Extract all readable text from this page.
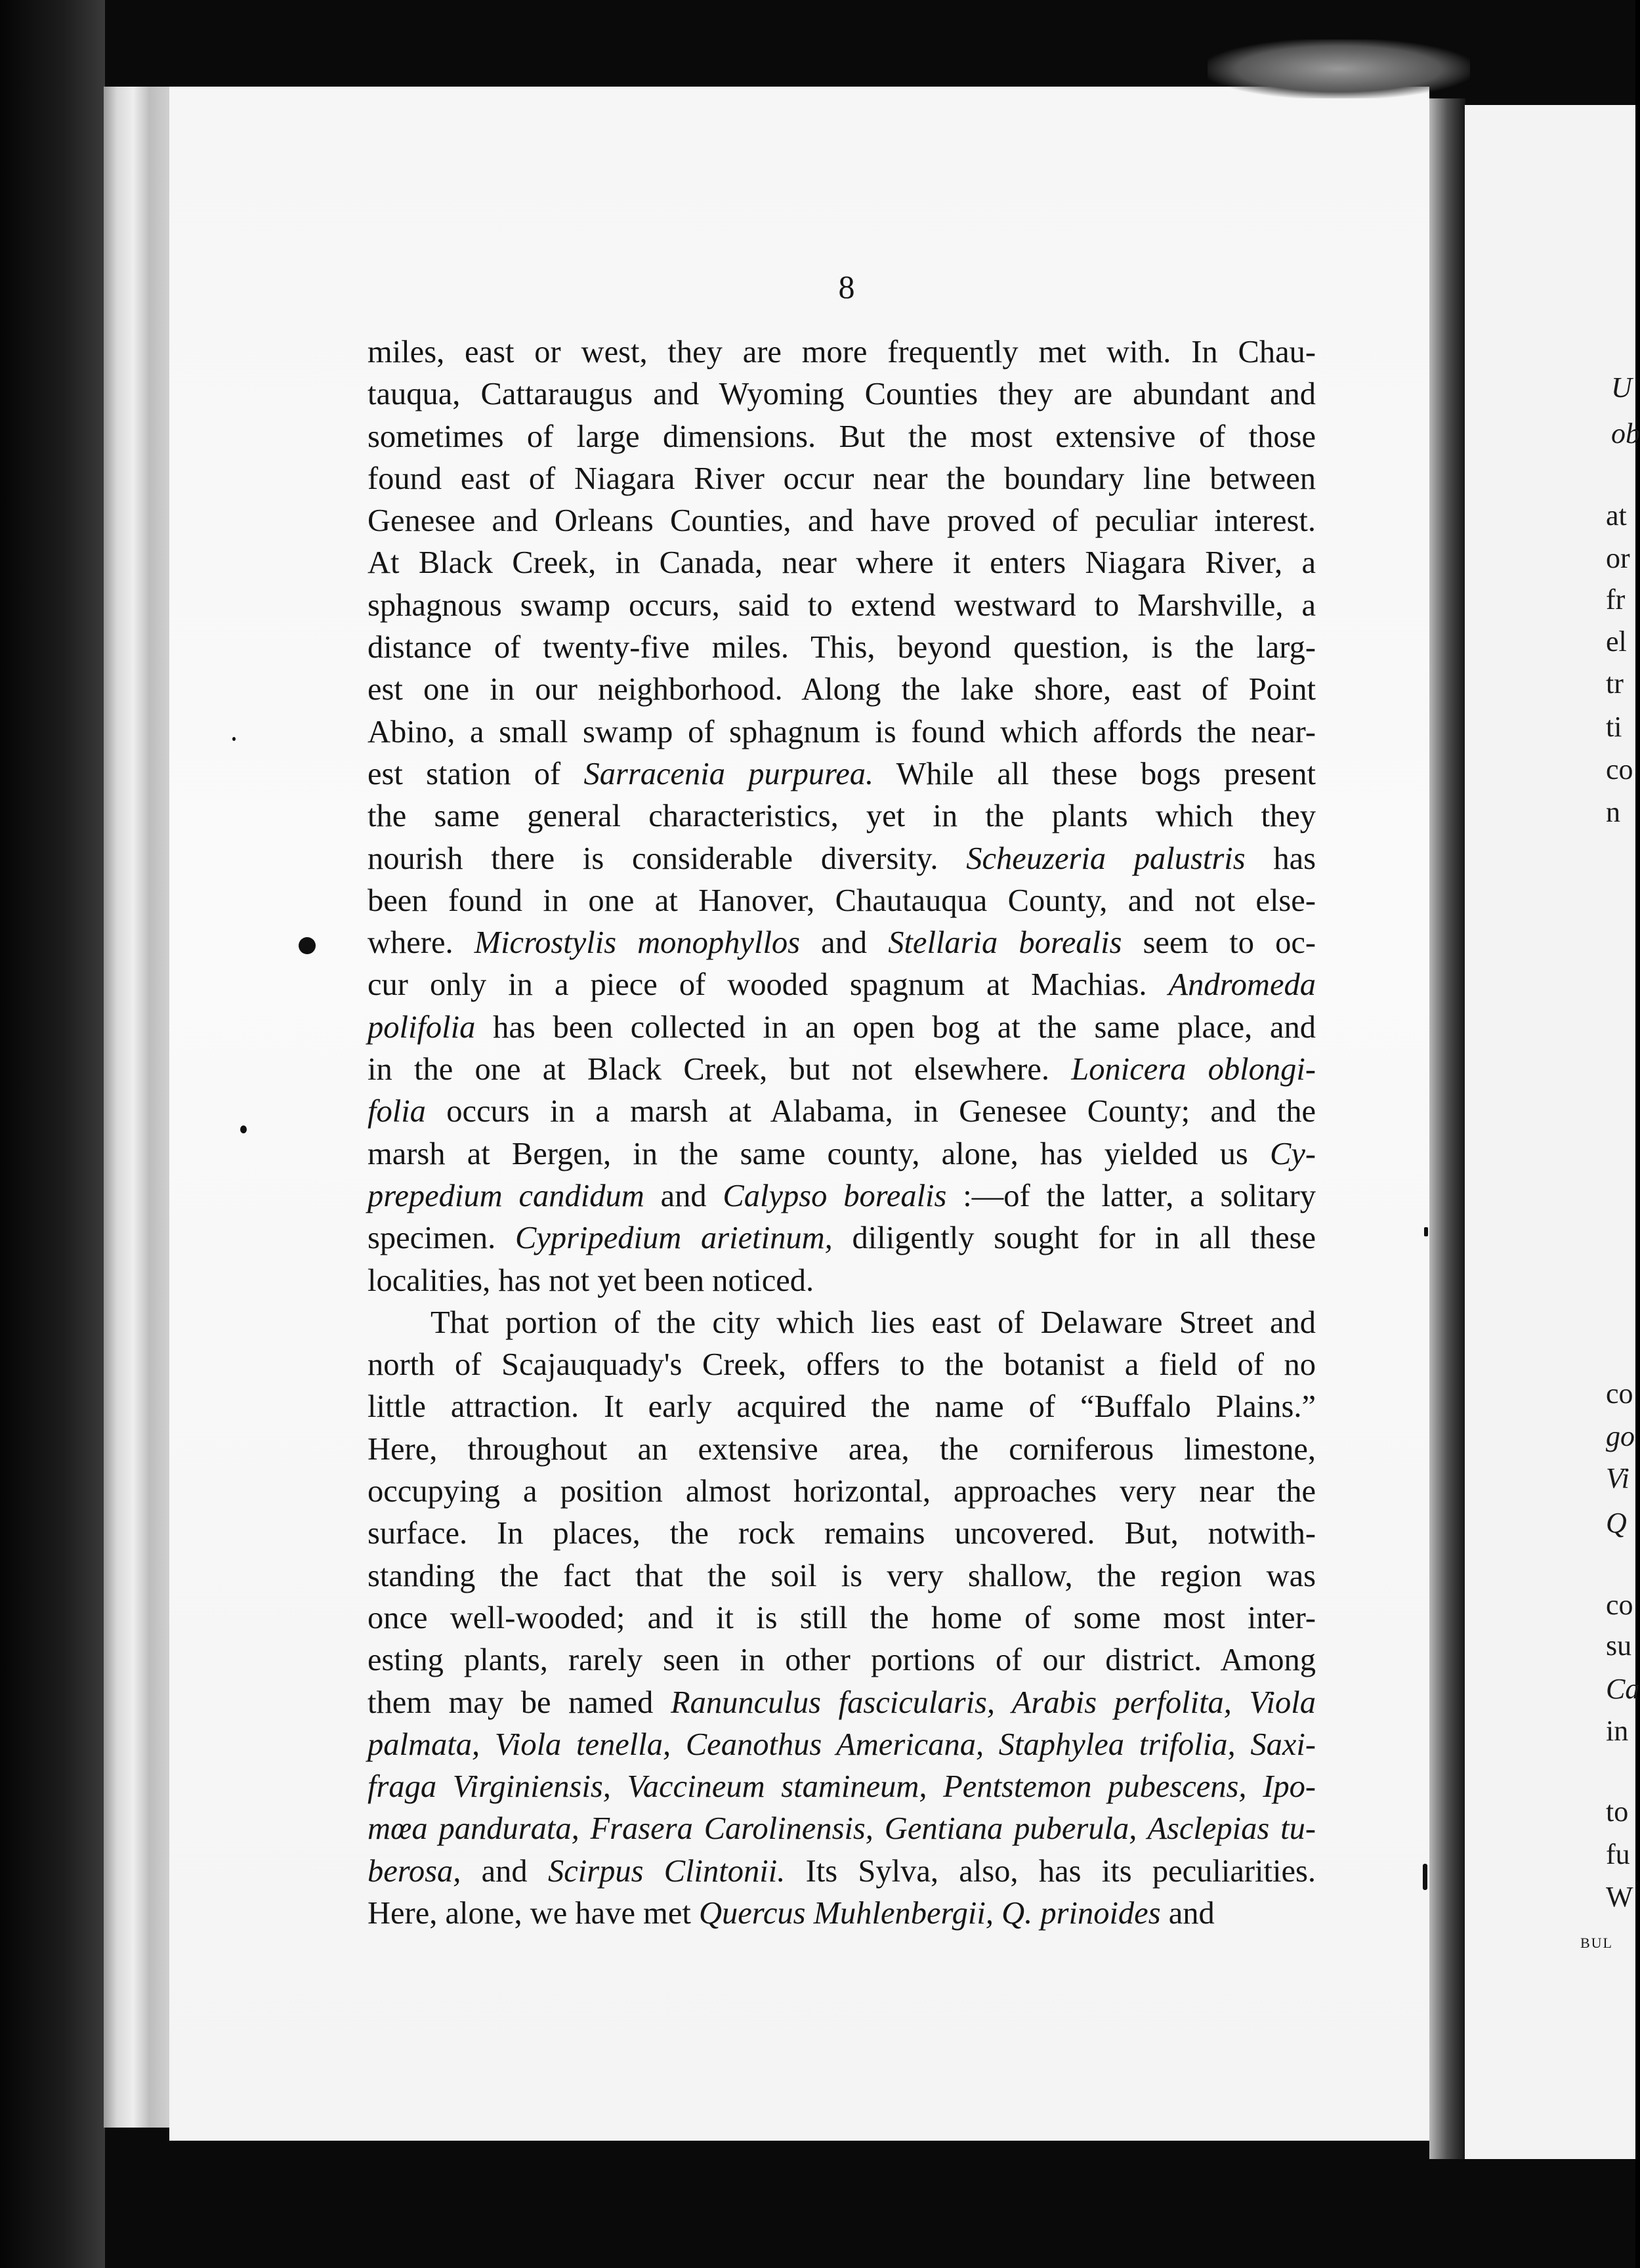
8
miles, east or west, they are more frequently met with. In Chau-
tauqua, Cattaraugus and Wyoming Counties they are abundant and
sometimes of large dimensions. But the most extensive of those
found east of Niagara River occur near the boundary line between
Genesee and Orleans Counties, and have proved of peculiar interest.
At Black Creek, in Canada, near where it enters Niagara River, a
sphagnous swamp occurs, said to extend westward to Marshville, a
distance of twenty-five miles. This, beyond question, is the larg-
est one in our neighborhood. Along the lake shore, east of Point
Abino, a small swamp of sphagnum is found which affords the near-
est station of Sarracenia purpurea. While all these bogs present
the same general characteristics, yet in the plants which they
nourish there is considerable diversity. Scheuzeria palustris has
been found in one at Hanover, Chautauqua County, and not else-
where. Microstylis monophyllos and Stellaria borealis seem to oc-
cur only in a piece of wooded spagnum at Machias. Andromeda
polifolia has been collected in an open bog at the same place, and
in the one at Black Creek, but not elsewhere. Lonicera oblongi-
folia occurs in a marsh at Alabama, in Genesee County; and the
marsh at Bergen, in the same county, alone, has yielded us Cy-
prepedium candidum and Calypso borealis :—of the latter, a solitary
specimen. Cypripedium arietinum, diligently sought for in all these
localities, has not yet been noticed.
That portion of the city which lies east of Delaware Street and
north of Scajauquady's Creek, offers to the botanist a field of no
little attraction. It early acquired the name of “Buffalo Plains.”
Here, throughout an extensive area, the corniferous limestone,
occupying a position almost horizontal, approaches very near the
surface. In places, the rock remains uncovered. But, notwith-
standing the fact that the soil is very shallow, the region was
once well-wooded; and it is still the home of some most inter-
esting plants, rarely seen in other portions of our district. Among
them may be named Ranunculus fascicularis, Arabis perfolita, Viola
palmata, Viola tenella, Ceanothus Americana, Staphylea trifolia, Saxi-
fraga Virginiensis, Vaccineum stamineum, Pentstemon pubescens, Ipo-
mœa pandurata, Frasera Carolinensis, Gentiana puberula, Asclepias tu-
berosa, and Scirpus Clintonii. Its Sylva, also, has its peculiarities.
Here, alone, we have met Quercus Muhlenbergii, Q. prinoides and
U
ob
at
or
fr
el
tr
ti
co
n
co
go
Vi
Q
co
su
Ca
in
to
fu
W
BUL
